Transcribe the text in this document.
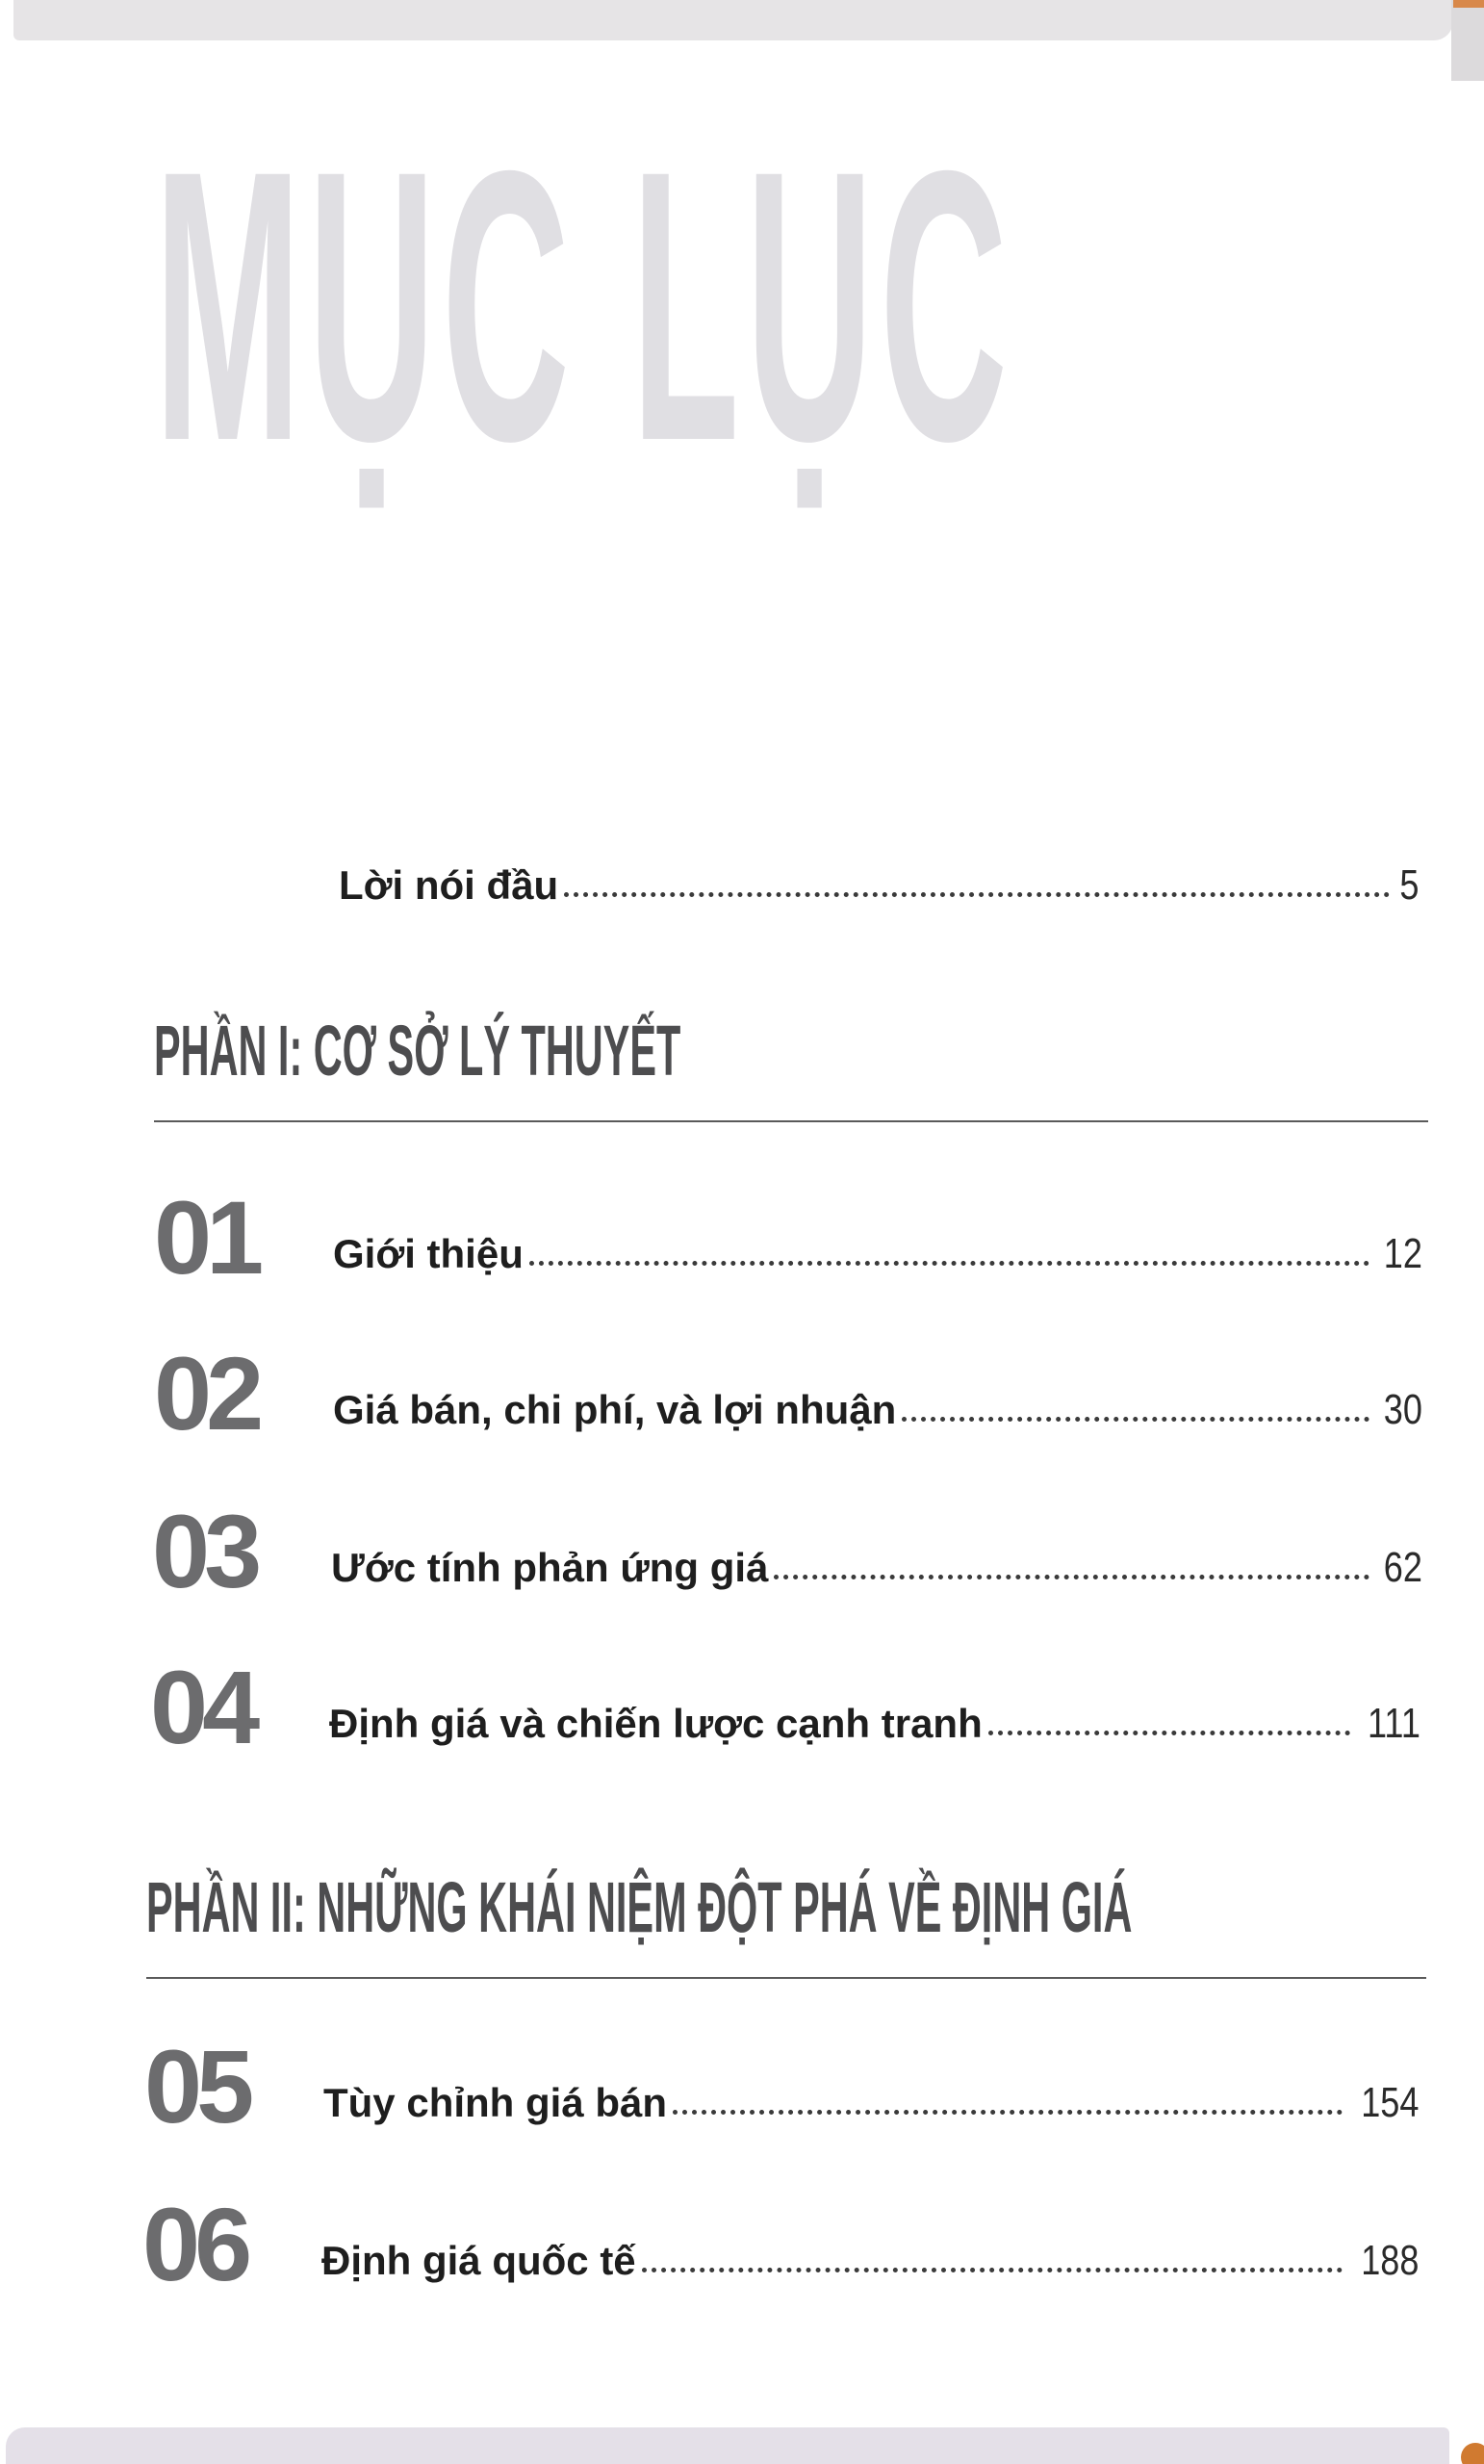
MỤC LỤC
Lời nói đầu	5
PHẦN I: CƠ SỞ LÝ THUYẾT
01	Giới thiệu	12
02	Giá bán, chi phí, và lợi nhuận	30
03	Ước tính phản ứng giá	62
04	Định giá và chiến lược cạnh tranh	111
PHẦN II: NHỮNG KHÁI NIỆM ĐỘT PHÁ VỀ ĐỊNH GIÁ
05	Tùy chỉnh giá bán	154
06	Định giá quốc tế	188
